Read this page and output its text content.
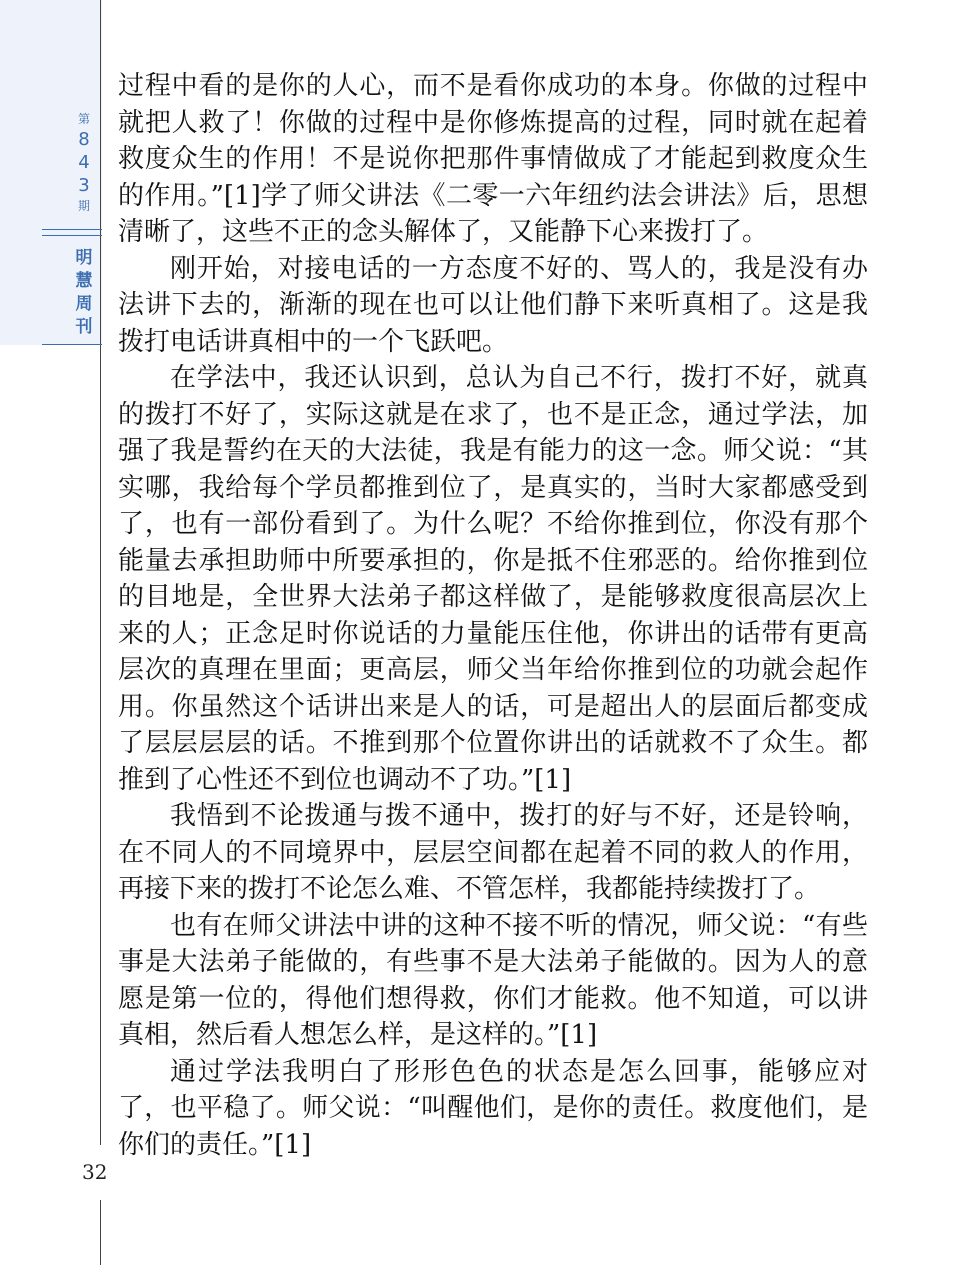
第
8
4
3
期
明
慧
周
刊

过程中看的是你的人心，而不是看你成功的本身。你做的过程中就把人救了！你做的过程中是你修炼提高的过程，同时就在起着救度众生的作用！不是说你把那件事情做成了才能起到救度众生的作用。”[1]学了师父讲法《二零一六年纽约法会讲法》后，思想清晰了，这些不正的念头解体了，又能静下心来拨打了。

刚开始，对接电话的一方态度不好的、骂人的，我是没有办法讲下去的，渐渐的现在也可以让他们静下来听真相了。这是我拨打电话讲真相中的一个飞跃吧。

在学法中，我还认识到，总认为自己不行，拨打不好，就真的拨打不好了，实际这就是在求了，也不是正念，通过学法，加强了我是誓约在天的大法徒，我是有能力的这一念。师父说：“其实哪，我给每个学员都推到位了，是真实的，当时大家都感受到了，也有一部份看到了。为什么呢？不给你推到位，你没有那个能量去承担助师中所要承担的，你是抵不住邪恶的。给你推到位的目地是，全世界大法弟子都这样做了，是能够救度很高层次上来的人；正念足时你说话的力量能压住他，你讲出的话带有更高层次的真理在里面；更高层，师父当年给你推到位的功就会起作用。你虽然这个话讲出来是人的话，可是超出人的层面后都变成了层层层层的话。不推到那个位置你讲出的话就救不了众生。都推到了心性还不到位也调动不了功。”[1]

我悟到不论拨通与拨不通中，拨打的好与不好，还是铃响，在不同人的不同境界中，层层空间都在起着不同的救人的作用，再接下来的拨打不论怎么难、不管怎样，我都能持续拨打了。

也有在师父讲法中讲的这种不接不听的情况，师父说：“有些事是大法弟子能做的，有些事不是大法弟子能做的。因为人的意愿是第一位的，得他们想得救，你们才能救。他不知道，可以讲真相，然后看人想怎么样，是这样的。”[1]

通过学法我明白了形形色色的状态是怎么回事，能够应对了，也平稳了。师父说：“叫醒他们，是你的责任。救度他们，是你们的责任。”[1]

32
